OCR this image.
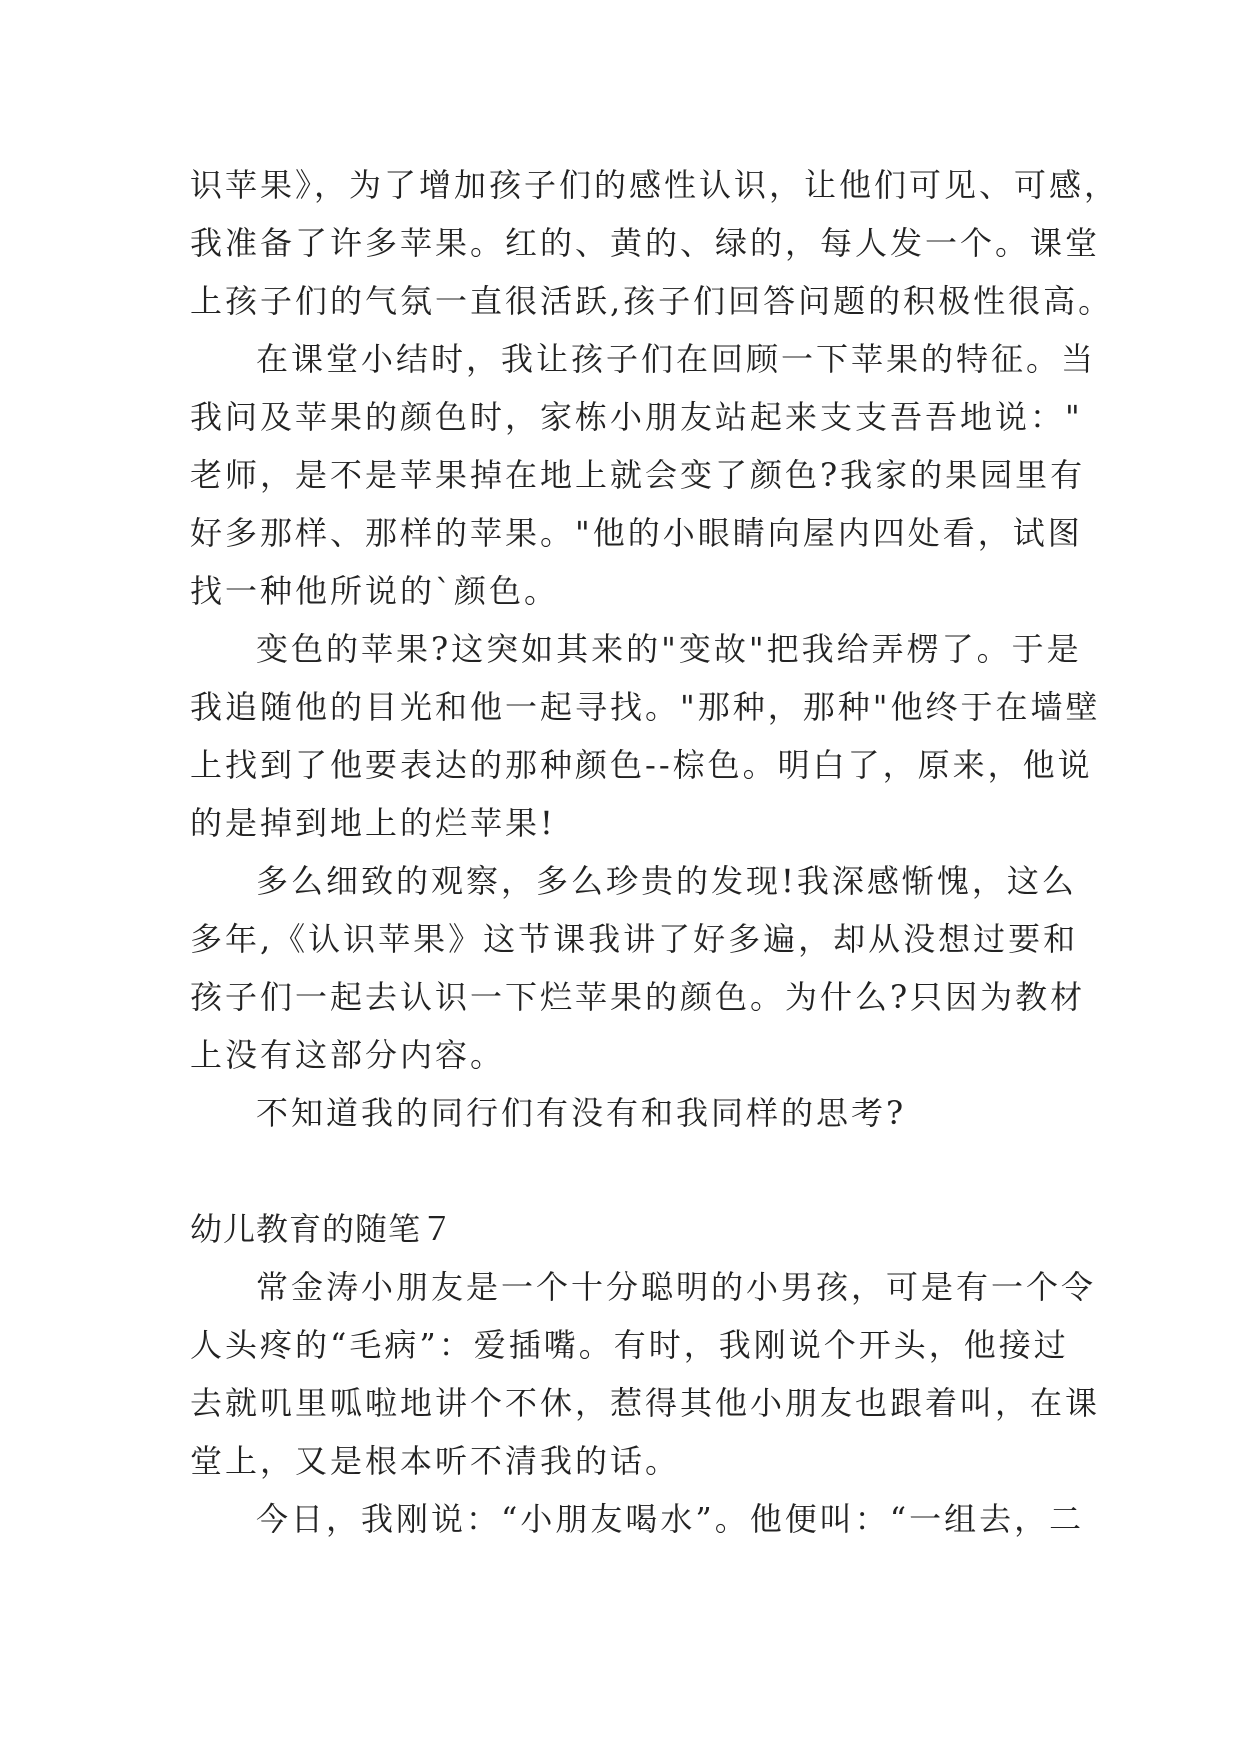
识苹果》，为了增加孩子们的感性认识，让他们可见、可感，
我准备了许多苹果。红的、黄的、绿的，每人发一个。课堂
上孩子们的气氛一直很活跃,孩子们回答问题的积极性很高。
在课堂小结时，我让孩子们在回顾一下苹果的特征。当
我问及苹果的颜色时，家栋小朋友站起来支支吾吾地说："
老师，是不是苹果掉在地上就会变了颜色?我家的果园里有
好多那样、那样的苹果。"他的小眼睛向屋内四处看，试图
找一种他所说的`颜色。
变色的苹果?这突如其来的"变故"把我给弄楞了。于是
我追随他的目光和他一起寻找。"那种，那种"他终于在墙壁
上找到了他要表达的那种颜色--棕色。明白了，原来，他说
的是掉到地上的烂苹果!
多么细致的观察，多么珍贵的发现!我深感惭愧，这么
多年,《认识苹果》这节课我讲了好多遍，却从没想过要和
孩子们一起去认识一下烂苹果的颜色。为什么?只因为教材
上没有这部分内容。
不知道我的同行们有没有和我同样的思考?
幼儿教育的随笔７
常金涛小朋友是一个十分聪明的小男孩，可是有一个令
人头疼的“毛病”：爱插嘴。有时，我刚说个开头，他接过
去就叽里呱啦地讲个不休，惹得其他小朋友也跟着叫，在课
堂上，又是根本听不清我的话。
今日，我刚说：“小朋友喝水”。他便叫：“一组去，二
